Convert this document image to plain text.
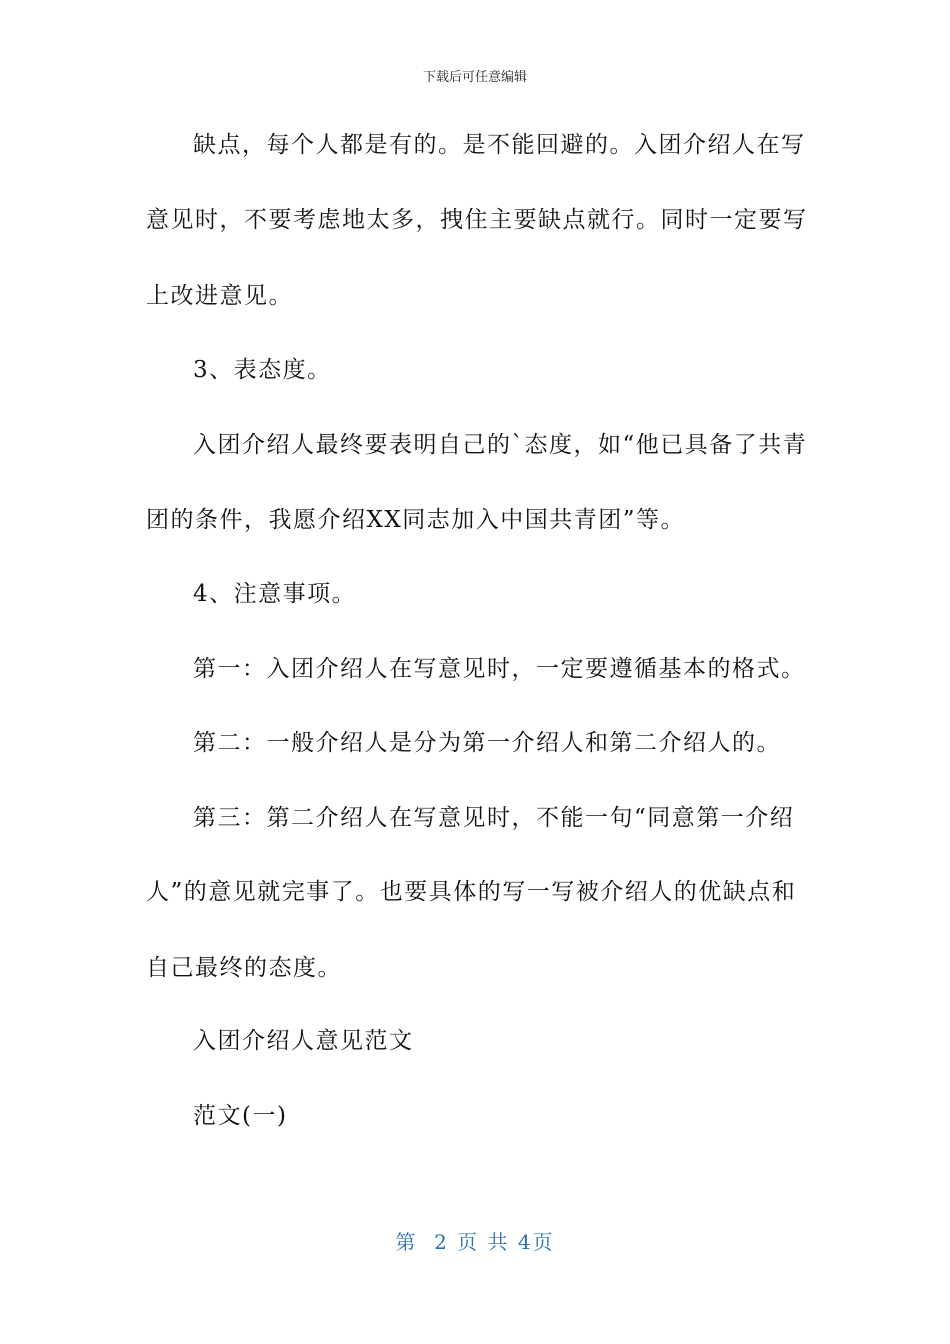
下载后可任意编辑
缺点，每个人都是有的。是不能回避的。入团介绍人在写
意见时，不要考虑地太多，拽住主要缺点就行。同时一定要写
上改进意见。
3、表态度。
入团介绍人最终要表明自己的`态度，如“他已具备了共青
团的条件，我愿介绍XX同志加入中国共青团”等。
4、注意事项。
第一：入团介绍人在写意见时，一定要遵循基本的格式。
第二：一般介绍人是分为第一介绍人和第二介绍人的。
第三：第二介绍人在写意见时，不能一句“同意第一介绍
人”的意见就完事了。也要具体的写一写被介绍人的优缺点和
自己最终的态度。
入团介绍人意见范文
范文(一)
第  2 页 共 4页
